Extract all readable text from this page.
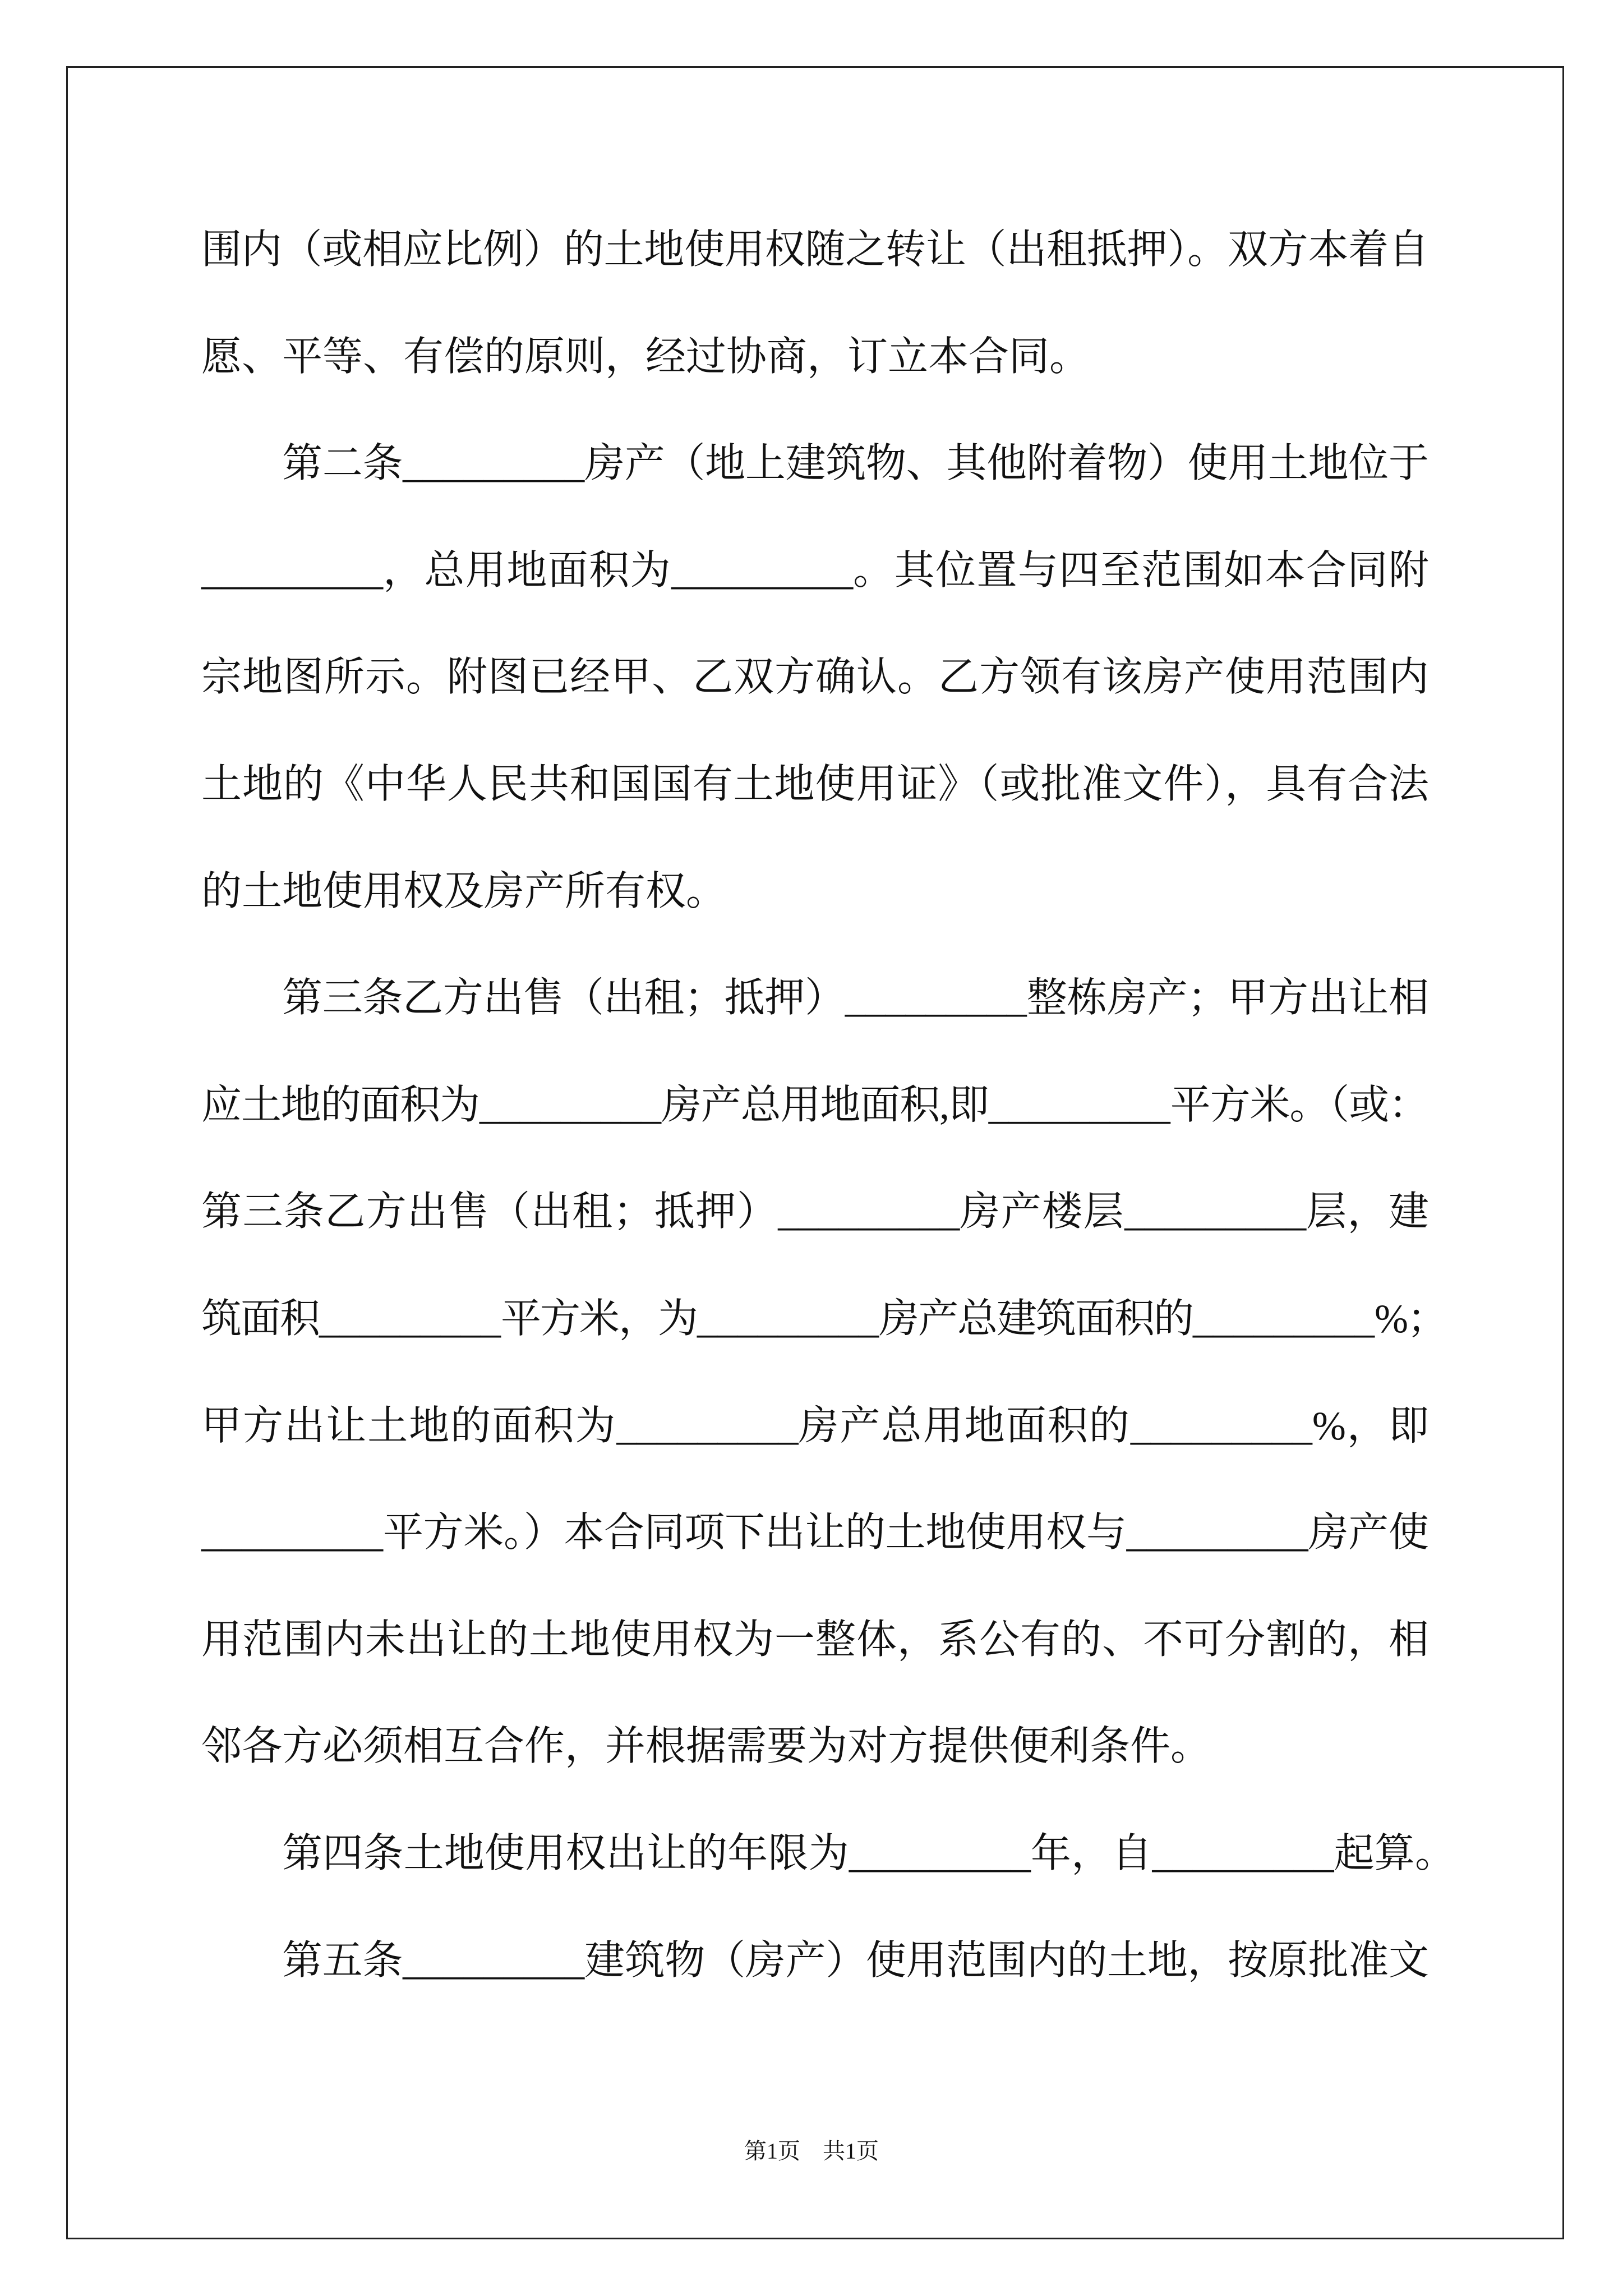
围内（或相应比例）的土地使用权随之转让（出租抵押）。双方本着自
愿、平等、有偿的原则，经过协商，订立本合同。
第二条_________房产（地上建筑物、其他附着物）使用土地位于
_________，总用地面积为_________。其位置与四至范围如本合同附
宗地图所示。附图已经甲、乙双方确认。乙方领有该房产使用范围内
土地的《中华人民共和国国有土地使用证》（或批准文件），具有合法
的土地使用权及房产所有权。
第三条乙方出售（出租；抵押）_________整栋房产；甲方出让相
应土地的面积为_________房产总用地面积,即_________平方米。（或：
第三条乙方出售（出租；抵押）_________房产楼层_________层，建
筑面积_________平方米，为_________房产总建筑面积的_________%；
甲方出让土地的面积为_________房产总用地面积的_________%，即
_________平方米。）本合同项下出让的土地使用权与_________房产使
用范围内未出让的土地使用权为一整体，系公有的、不可分割的，相
邻各方必须相互合作，并根据需要为对方提供便利条件。
第四条土地使用权出让的年限为_________年，自_________起算。
第五条_________建筑物（房产）使用范围内的土地，按原批准文
第1页　共1页
